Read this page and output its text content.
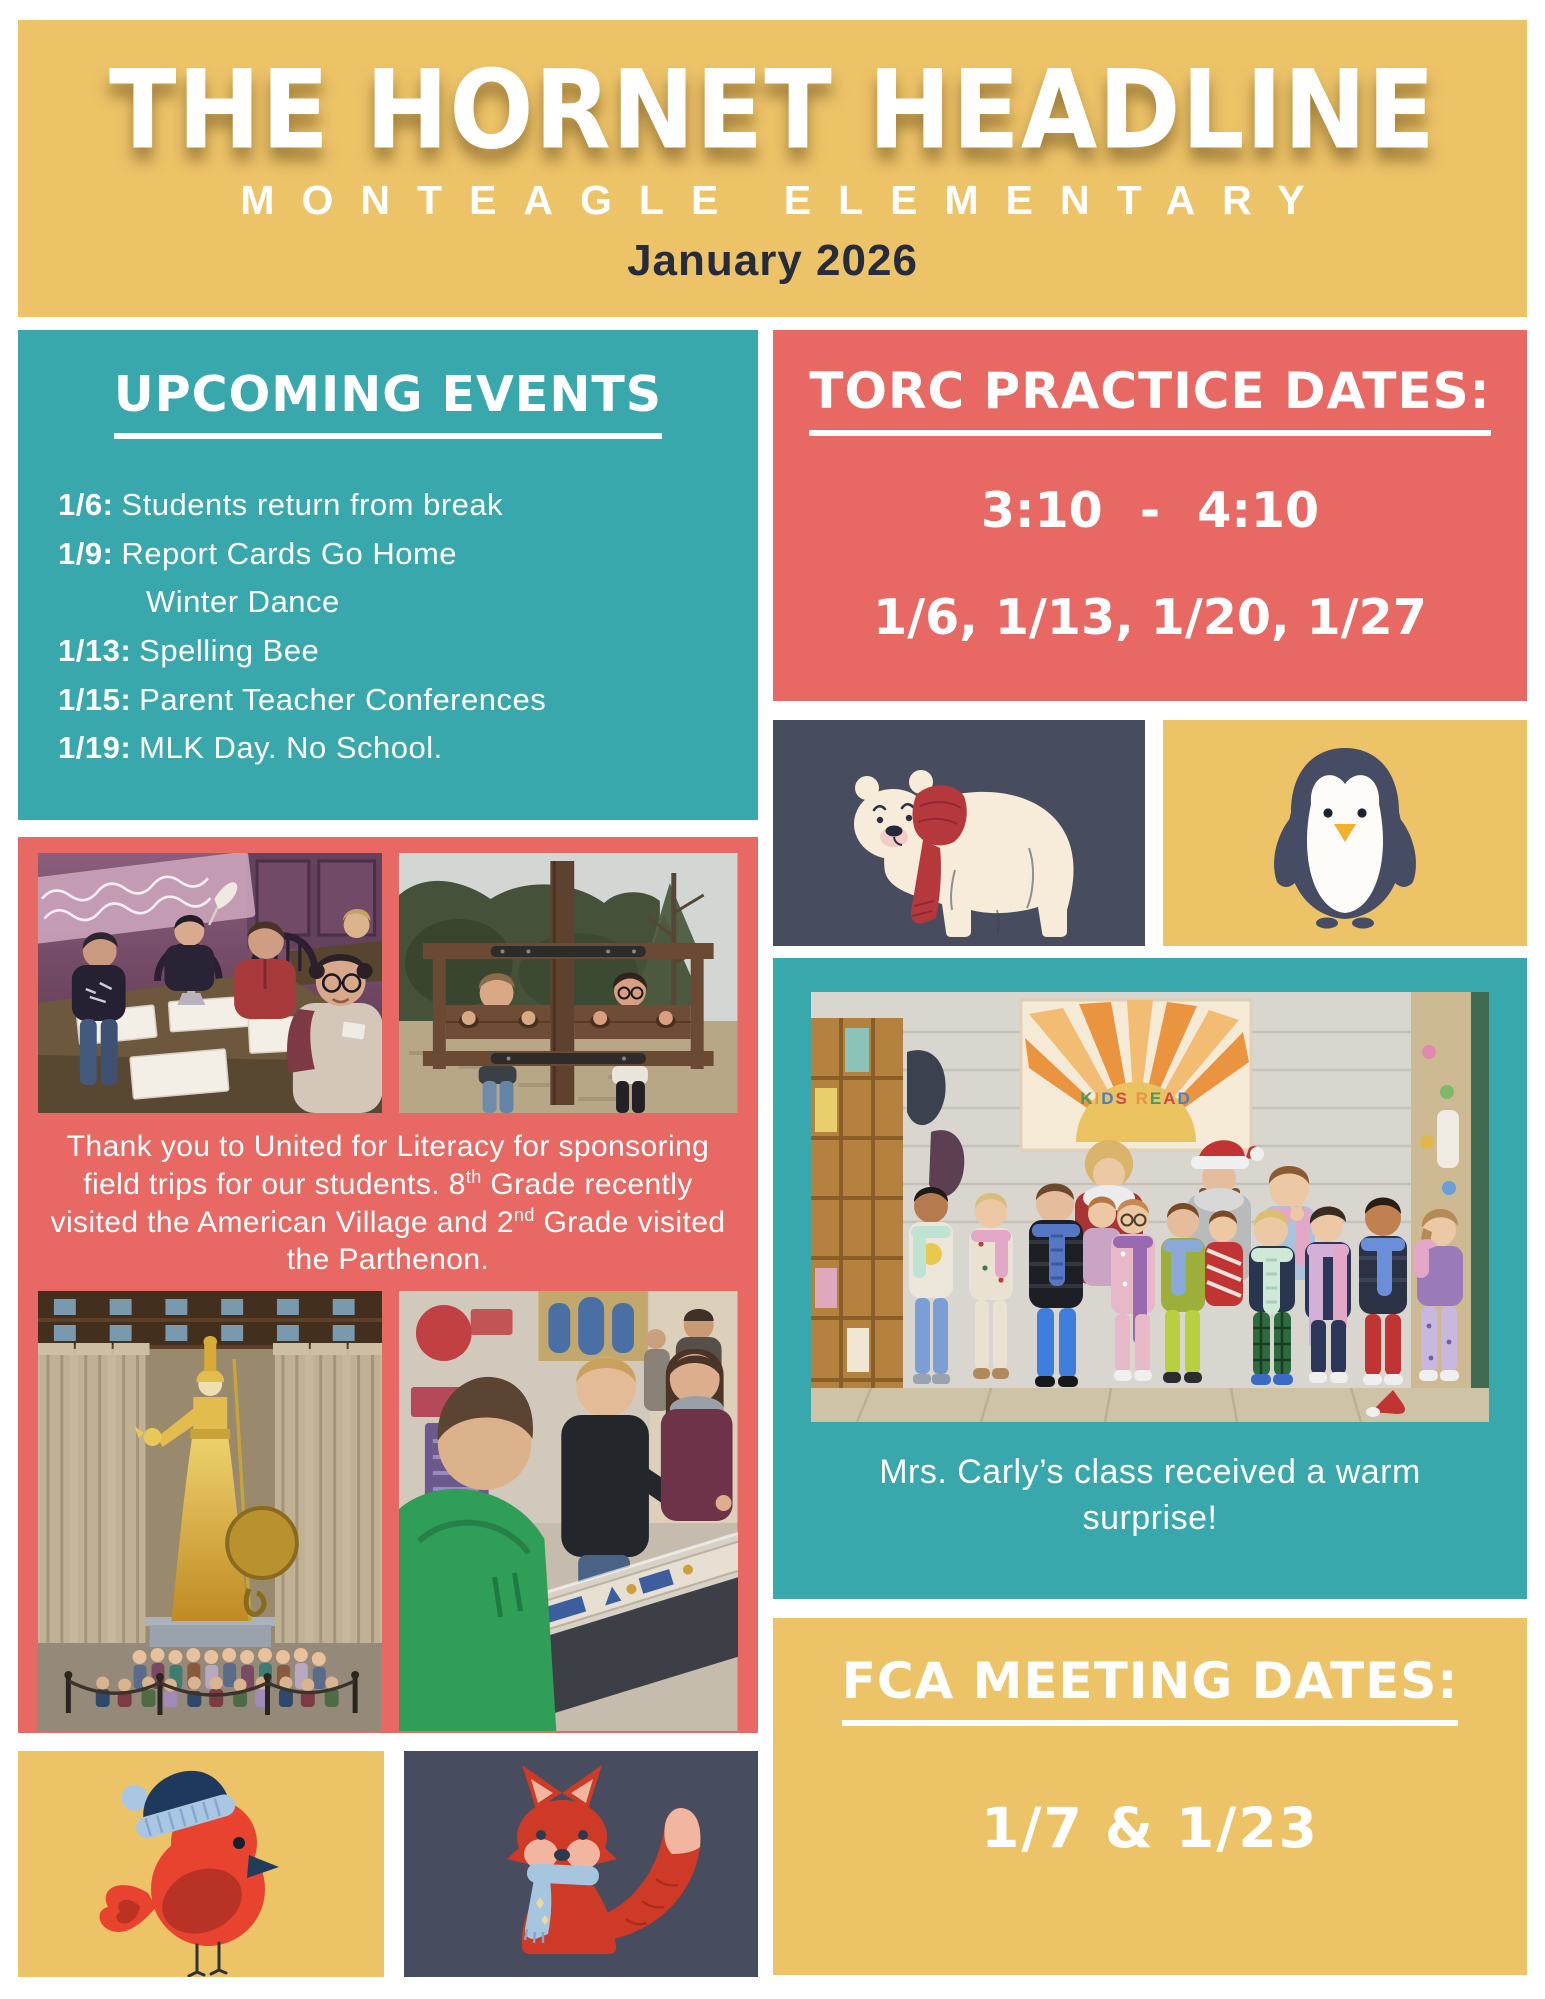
THE HORNET HEADLINE
MONTEAGLE ELEMENTARY
January 2026
UPCOMING EVENTS
1/6: Students return from break
1/9: Report Cards Go Home
Winter Dance
1/13: Spelling Bee
1/15: Parent Teacher Conferences
1/19: MLK Day. No School.
TORC PRACTICE DATES:
3:10 - 4:10
1/6, 1/13, 1/20, 1/27
Thank you to United for Literacy for sponsoring field trips for our students. 8th Grade recently visited the American Village and 2nd Grade visited the Parthenon.
KIDS READ
Mrs. Carly’s class received a warm surprise!
FCA MEETING DATES:
1/7 & 1/23
